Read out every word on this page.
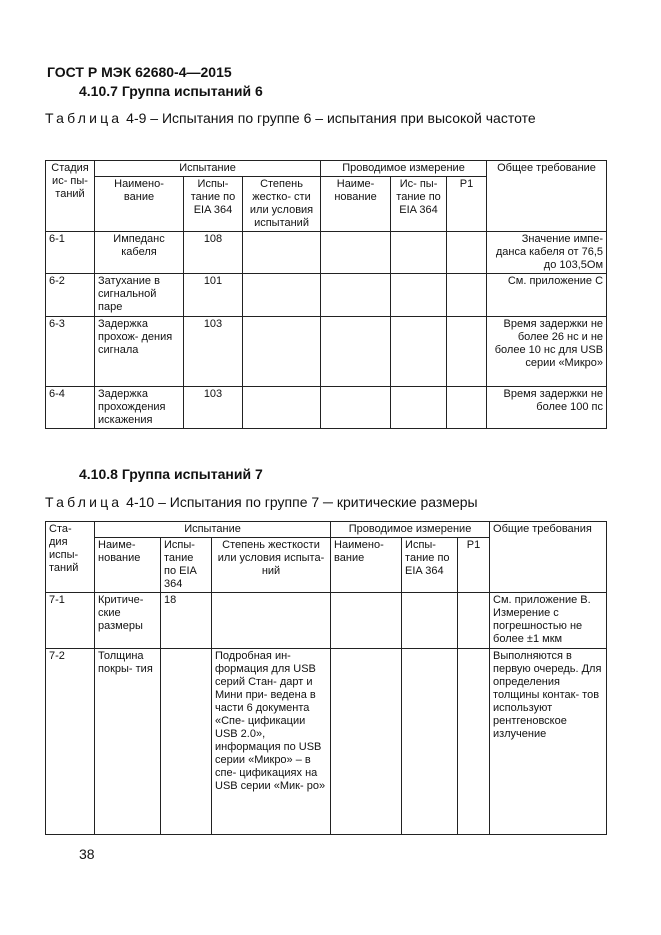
ГОСТ Р МЭК 62680-4—2015
4.10.7 Группа испытаний 6
Таблица 4-9 – Испытания по группе 6 – испытания при высокой частоте
Стадия ис- пы- таний	Испытание			Проводимое измерение			Общее требование
	Наимено- вание	Испы- тание по EIA 364	Степень жестко- сти или условия испытаний	Наиме- нование	Ис- пы- тание по EIA 364	Р1	
6-1	Импеданс кабеля	108					Значение импе- данса кабеля от 76,5 до 103,5Ом
6-2	Затухание в сигнальной паре	101					См. приложение С
6-3	Задержка прохож- дения сигнала	103					Время задержки не более 26 нс и не более 10 нс для USB серии «Микро»
6-4	Задержка прохождения искажения	103					Время задержки не более 100 пс
4.10.8 Группа испытаний 7
Таблица 4-10 – Испытания по группе 7 ─ критические размеры
Ста- дия испы- таний	Испытание			Проводимое измерение			Общие требования
	Наиме- нование	Испы- тание по EIA 364	Степень жесткости или условия испыта- ний	Наимено- вание	Испы- тание по EIA 364	Р1	
7-1	Критиче- ские размеры	18					См. приложение В. Измерение с погрешностью не более ±1 мкм
7-2	Толщина покры- тия		Подробная ин- формация для USB серий Стан- дарт и Мини при- ведена в части 6 документа «Спе- цификации USB 2.0», информация по USB серии «Микро» – в спе- цификациях на USB серии «Мик- ро»				Выполняются в первую очередь. Для определения толщины контак- тов используют рентгеновское излучение
38
